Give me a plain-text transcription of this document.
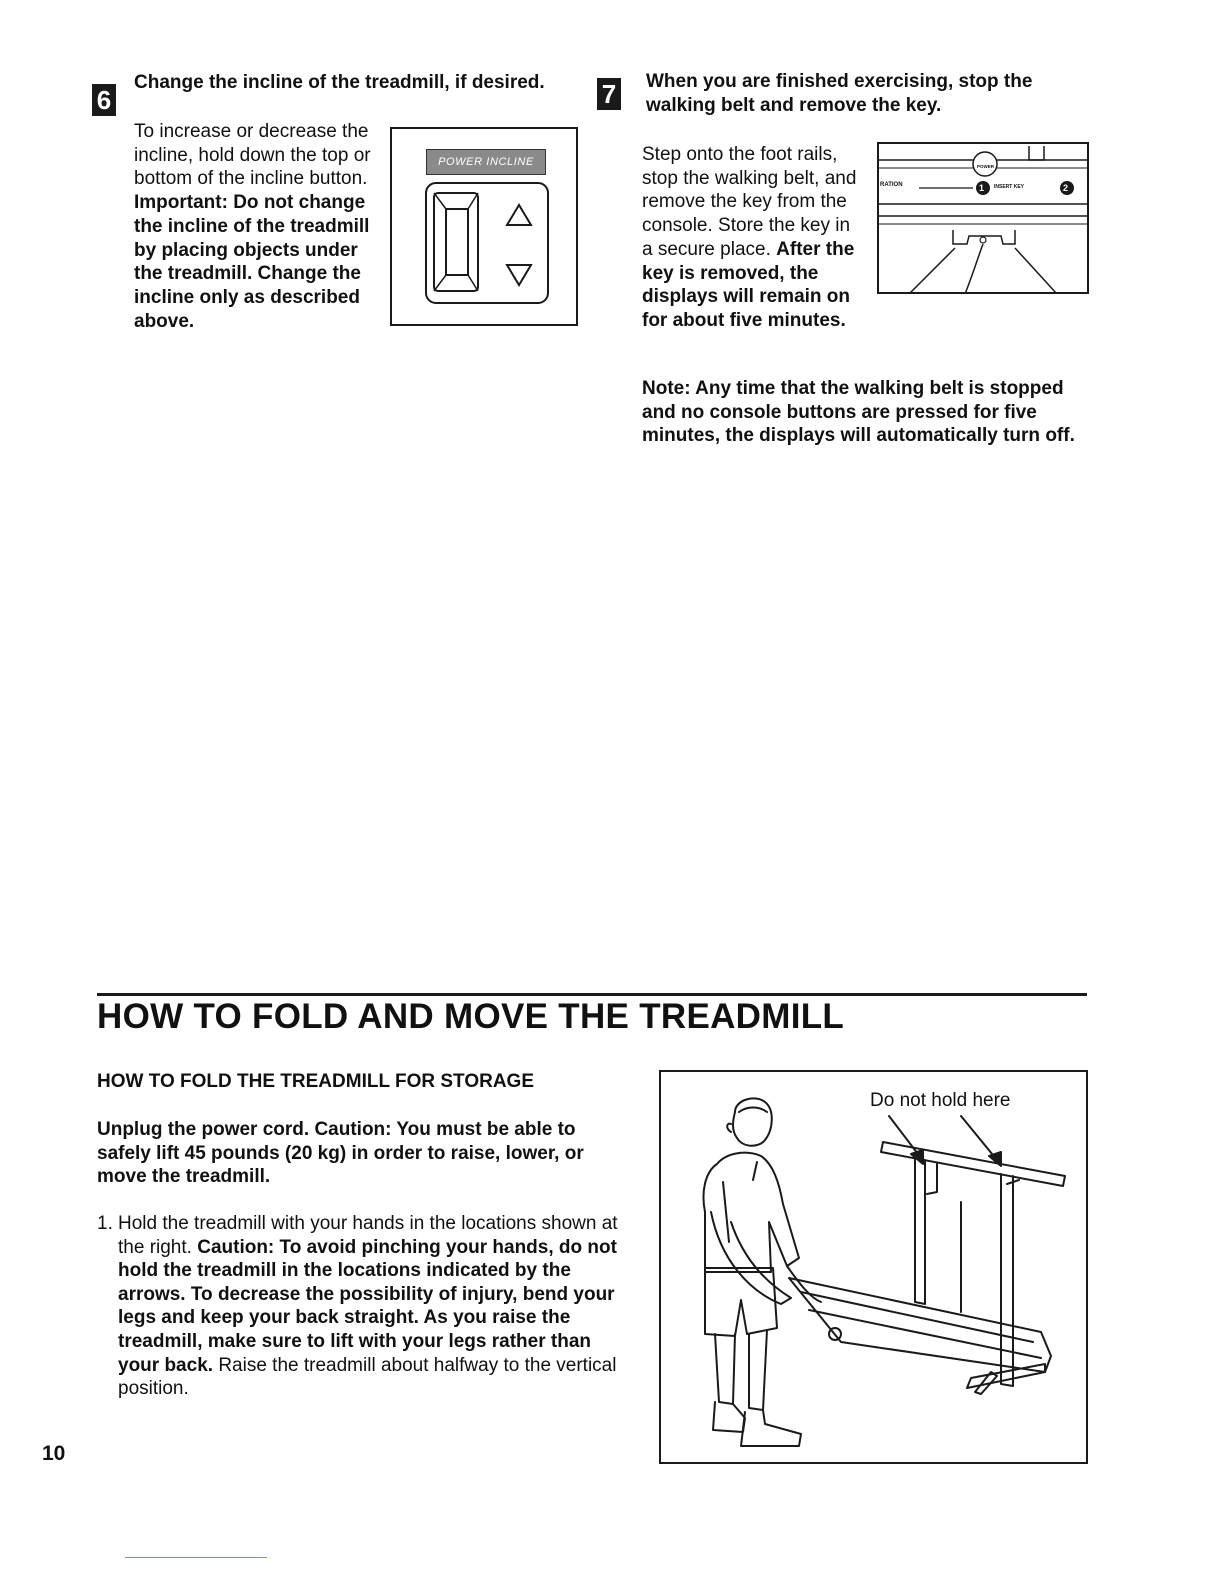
6
Change the incline of the treadmill, if desired.
To increase or decrease the incline, hold down the top or bottom of the incline button. Important: Do not change the incline of the treadmill by placing objects under the treadmill. Change the incline only as described above.
POWER INCLINE
7 When you are finished exercising, stop the walking belt and remove the key.
Step onto the foot rails, stop the walking belt, and remove the key from the console. Store the key in a secure place. After the key is removed, the displays will remain on for about five minutes.
POWER
RATION	1 INSERT KEY	2
Note: Any time that the walking belt is stopped and no console buttons are pressed for five minutes, the displays will automatically turn off.
HOW TO FOLD AND MOVE THE TREADMILL
HOW TO FOLD THE TREADMILL FOR STORAGE
Unplug the power cord. Caution: You must be able to safely lift 45 pounds (20 kg) in order to raise, lower, or move the treadmill.
1. Hold the treadmill with your hands in the locations shown at the right. Caution: To avoid pinching your hands, do not hold the treadmill in the locations indicated by the arrows. To decrease the possibility of injury, bend your legs and keep your back straight. As you raise the treadmill, make sure to lift with your legs rather than your back. Raise the treadmill about halfway to the vertical position.
Do not hold here
10
